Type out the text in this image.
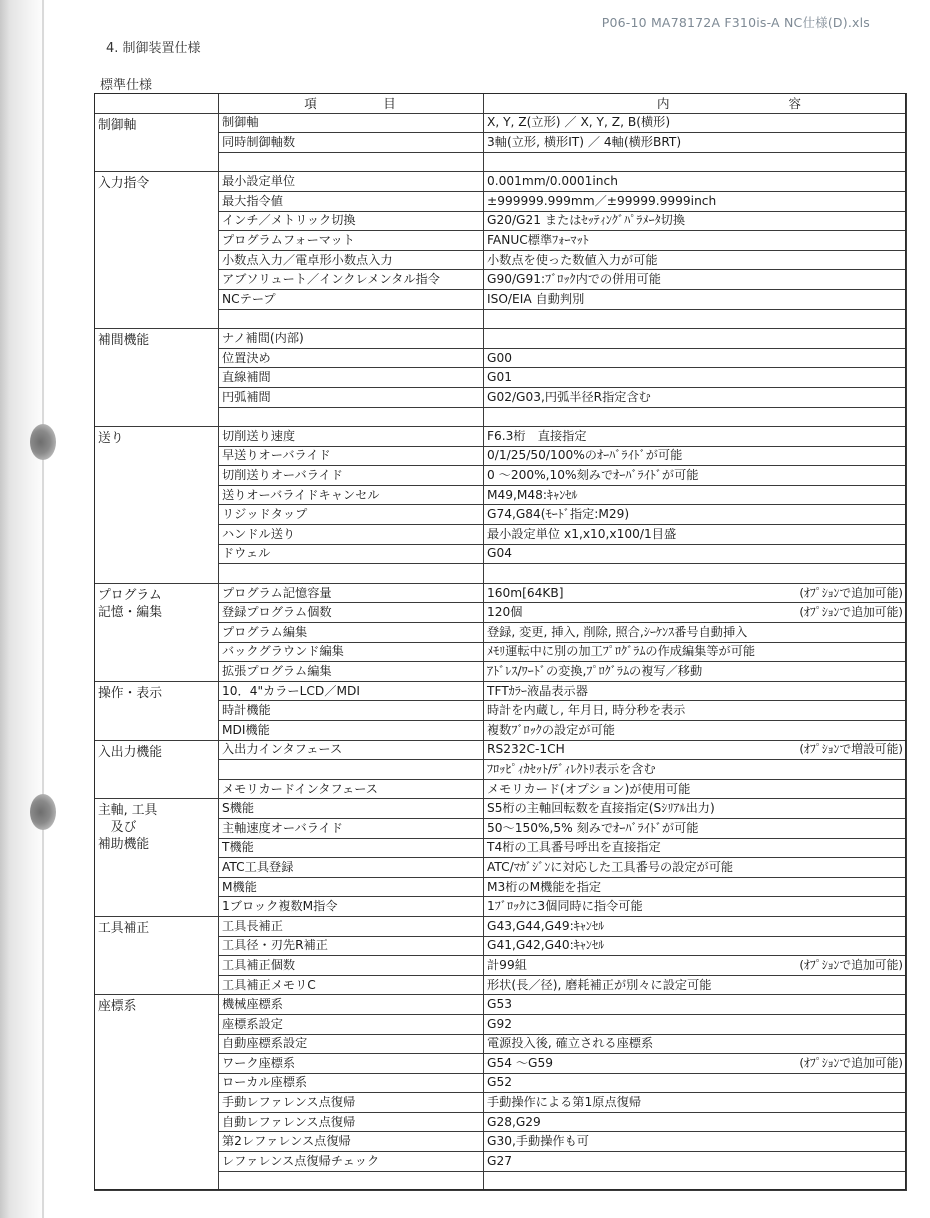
P06-10 MA78172A F310is-A NC仕様(D).xls
4. 制御装置仕様
標準仕様

	項 目	内 容

制御軸	制御軸	X, Y, Z(立形) ／ X, Y, Z, B(横形)

	同時制御軸数	3軸(立形, 横形IT) ／ 4軸(横形BRT)

入力指令	最小設定単位	0.001mm/0.0001inch

	最大指令値	±999999.999mm／±99999.9999inch

	インチ／メトリック切換	G20/G21 またはｾｯﾃｨﾝｸﾞﾊﾟﾗﾒｰﾀ切換

	プログラムフォーマット	FANUC標準ﾌｫｰﾏｯﾄ

	小数点入力／電卓形小数点入力	小数点を使った数値入力が可能

	アブソリュート／インクレメンタル指令	G90/G91:ﾌﾞﾛｯｸ内での併用可能

	NCテープ	ISO/EIA 自動判別

補間機能	ナノ補間(内部)	

	位置決め	G00

	直線補間	G01

	円弧補間	G02/G03,円弧半径R指定含む

送り	切削送り速度	F6.3桁　直接指定

	早送りオーバライド	0/1/25/50/100%のｵｰﾊﾞﾗｲﾄﾞが可能

	切削送りオーバライド	0 ～200%,10%刻みでｵｰﾊﾞﾗｲﾄﾞが可能

	送りオーバライドキャンセル	M49,M48:ｷｬﾝｾﾙ

	リジッドタップ	G74,G84(ﾓｰﾄﾞ指定:M29)

	ハンドル送り	最小設定単位 x1,x10,x100/1目盛

	ドウェル	G04

プログラム
記憶・編集	プログラム記憶容量	160m[64KB] (ｵﾌﾟｼｮﾝで追加可能)

	登録プログラム個数	120個 (ｵﾌﾟｼｮﾝで追加可能)

	プログラム編集	登録, 変更, 挿入, 削除, 照合,ｼｰｹﾝｽ番号自動挿入

	バックグラウンド編集	ﾒﾓﾘ運転中に別の加工ﾌﾟﾛｸﾞﾗﾑの作成編集等が可能

	拡張プログラム編集	ｱﾄﾞﾚｽ/ﾜｰﾄﾞの変換,ﾌﾟﾛｸﾞﾗﾑの複写／移動

操作・表示	10．4"カラーLCD／MDI	TFTｶﾗｰ液晶表示器

	時計機能	時計を内蔵し, 年月日, 時分秒を表示

	MDI機能	複数ﾌﾞﾛｯｸの設定が可能

入出力機能	入出力インタフェース	RS232C-1CH (ｵﾌﾟｼｮﾝで増設可能)

		ﾌﾛｯﾋﾟｨｶｾｯﾄ/ﾃﾞｨﾚｸﾄﾘ表示を含む

	メモリカードインタフェース	メモリカード(オプション)が使用可能

主軸, 工具
　及び
補助機能	S機能	S5桁の主軸回転数を直接指定(Sｼﾘｱﾙ出力)

	主軸速度オーバライド	50～150%,5% 刻みでｵｰﾊﾞﾗｲﾄﾞが可能

	T機能	T4桁の工具番号呼出を直接指定

	ATC工具登録	ATC/ﾏｶﾞｼﾞﾝに対応した工具番号の設定が可能

	M機能	M3桁のM機能を指定

	1ブロック複数M指令	1ﾌﾞﾛｯｸに3個同時に指令可能

工具補正	工具長補正	G43,G44,G49:ｷｬﾝｾﾙ

	工具径・刃先R補正	G41,G42,G40:ｷｬﾝｾﾙ

	工具補正個数	計99組 (ｵﾌﾟｼｮﾝで追加可能)

	工具補正メモリC	形状(長／径), 磨耗補正が別々に設定可能

座標系	機械座標系	G53

	座標系設定	G92

	自動座標系設定	電源投入後, 確立される座標系

	ワーク座標系	G54 ～G59 (ｵﾌﾟｼｮﾝで追加可能)

	ローカル座標系	G52

	手動レファレンス点復帰	手動操作による第1原点復帰

	自動レファレンス点復帰	G28,G29

	第2レファレンス点復帰	G30,手動操作も可

	レファレンス点復帰チェック	G27
